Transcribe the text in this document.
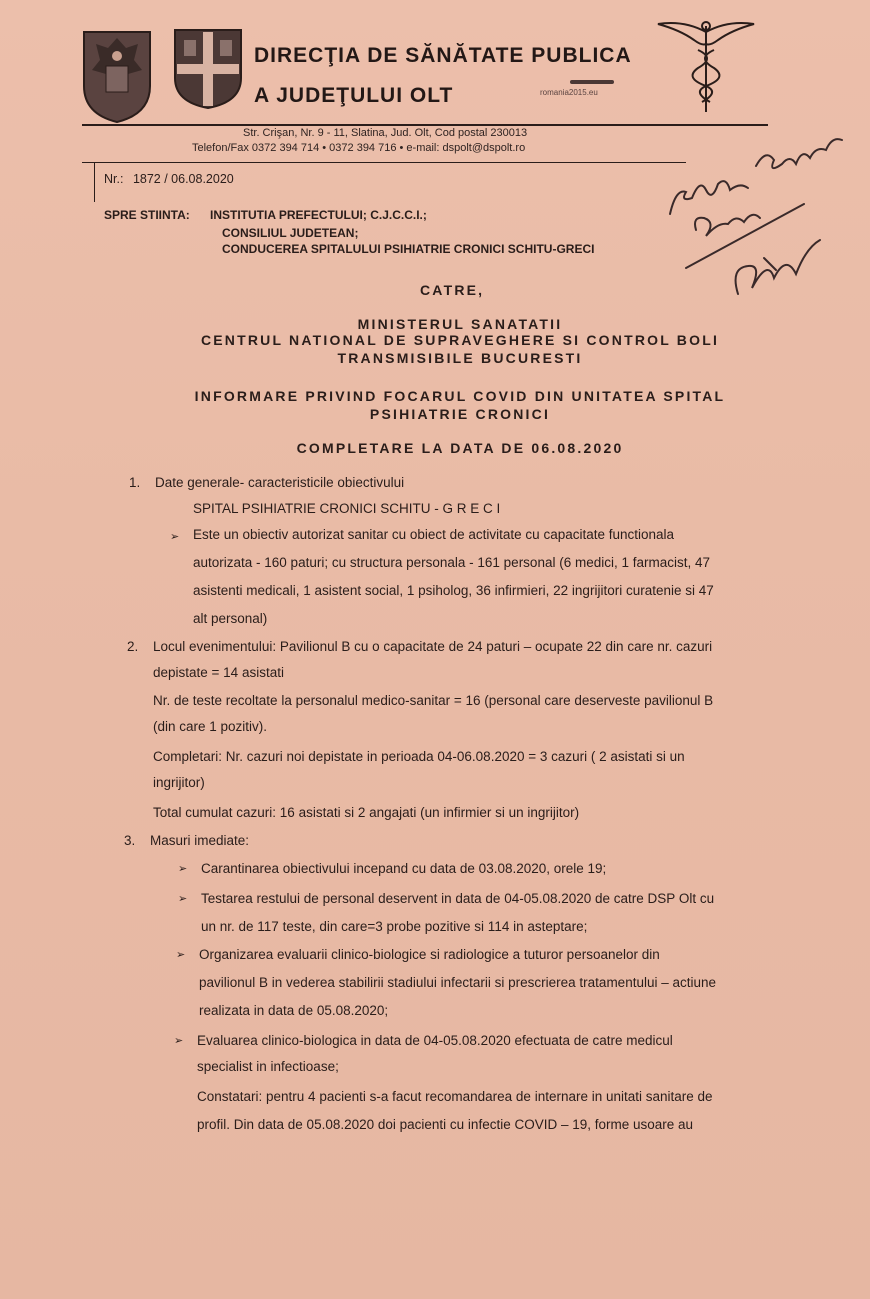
DIRECŢIA DE SĂNĂTATE PUBLICA
A JUDEŢULUI OLT	romania2015.eu
Str. Crişan, Nr. 9 - 11, Slatina, Jud. Olt, Cod postal 230013
Telefon/Fax 0372 394 714 • 0372 394 716 • e-mail: dspolt@dspolt.ro
Nr.: 1872 / 06.08.2020
SPRE STIINTA: INSTITUTIA PREFECTULUI; C.J.C.C.I.;
CONSILIUL JUDETEAN;
CONDUCEREA SPITALULUI PSIHIATRIE CRONICI SCHITU-GRECI
CATRE,
MINISTERUL SANATATII
CENTRUL NATIONAL DE SUPRAVEGHERE SI CONTROL BOLI
TRANSMISIBILE BUCURESTI
INFORMARE PRIVIND FOCARUL COVID DIN UNITATEA SPITAL
PSIHIATRIE CRONICI
COMPLETARE LA DATA DE 06.08.2020
1. Date generale- caracteristicile obiectivului
SPITAL PSIHIATRIE CRONICI SCHITU - G R E C I
➢ Este un obiectiv autorizat sanitar cu obiect de activitate cu capacitate functionala
autorizata - 160 paturi; cu structura personala - 161 personal (6 medici, 1 farmacist, 47
asistenti medicali, 1 asistent social, 1 psiholog, 36 infirmieri, 22 ingrijitori curatenie si 47
alt personal)
2. Locul evenimentului: Pavilionul B cu o capacitate de 24 paturi – ocupate 22 din care nr. cazuri
depistate = 14 asistati
Nr. de teste recoltate la personalul medico-sanitar = 16 (personal care deserveste pavilionul B
(din care 1 pozitiv).
Completari: Nr. cazuri noi depistate in perioada 04-06.08.2020 = 3 cazuri ( 2 asistati si un
ingrijitor)
Total cumulat cazuri: 16 asistati si 2 angajati (un infirmier si un ingrijitor)
3. Masuri imediate:
➢ Carantinarea obiectivului incepand cu data de 03.08.2020, orele 19;
➢ Testarea restului de personal deservent in data de 04-05.08.2020 de catre DSP Olt cu
un nr. de 117 teste, din care=3 probe pozitive si 114 in asteptare;
➢ Organizarea evaluarii clinico-biologice si radiologice a tuturor persoanelor din
pavilionul B in vederea stabilirii stadiului infectarii si prescrierea tratamentului – actiune
realizata in data de 05.08.2020;
➢ Evaluarea clinico-biologica in data de 04-05.08.2020 efectuata de catre medicul
specialist in infectioase;
Constatari: pentru 4 pacienti s-a facut recomandarea de internare in unitati sanitare de
profil. Din data de 05.08.2020 doi pacienti cu infectie COVID – 19, forme usoare au
